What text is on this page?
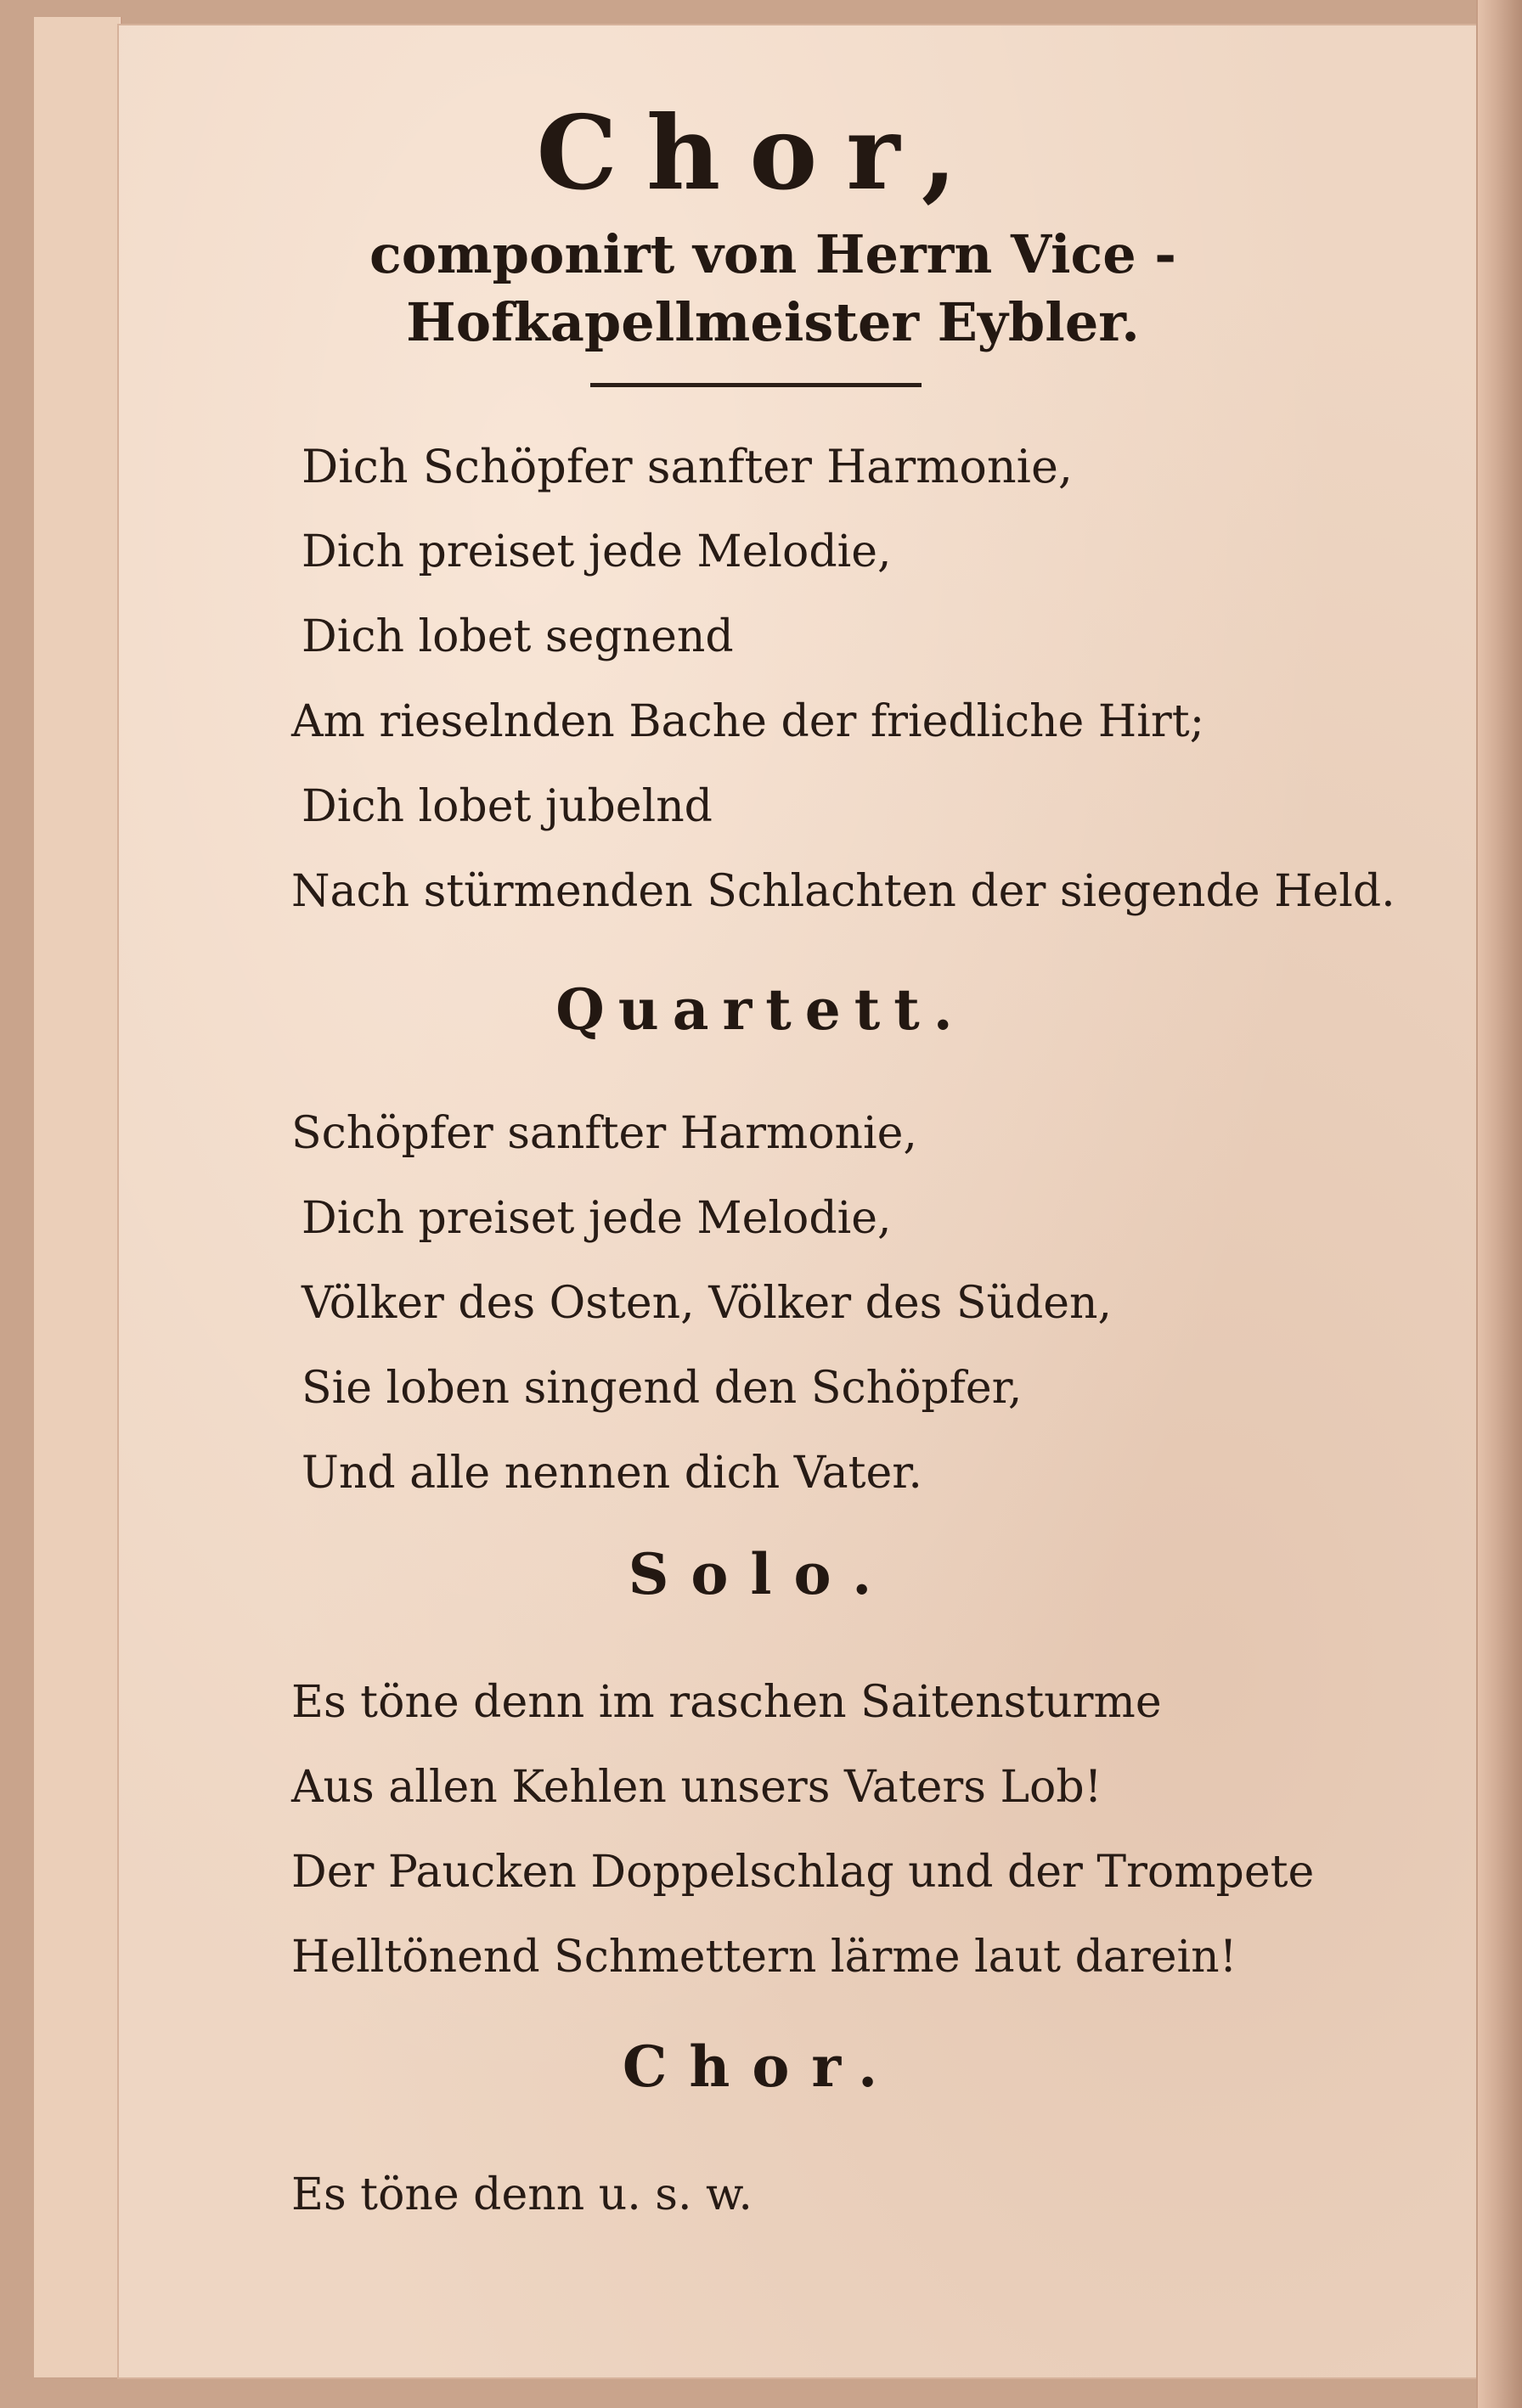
Chor,
componirt von Herrn Vice - Hofkapellmeister Eybler.
Dich Schöpfer sanfter Harmonie,
Dich preiset jede Melodie,
Dich lobet segnend
Am rieselnden Bache der friedliche Hirt;
Dich lobet jubelnd
Nach stürmenden Schlachten der siegende Held.
Quartett.
Schöpfer sanfter Harmonie,
Dich preiset jede Melodie,
Völker des Osten, Völker des Süden,
Sie loben singend den Schöpfer,
Und alle nennen dich Vater.
Solo.
Es töne denn im raschen Saitensturme
Aus allen Kehlen unsers Vaters Lob!
Der Paucken Doppelschlag und der Trompete
Helltönend Schmettern lärme laut darein!
Chor.
Es töne denn u. s. w.
